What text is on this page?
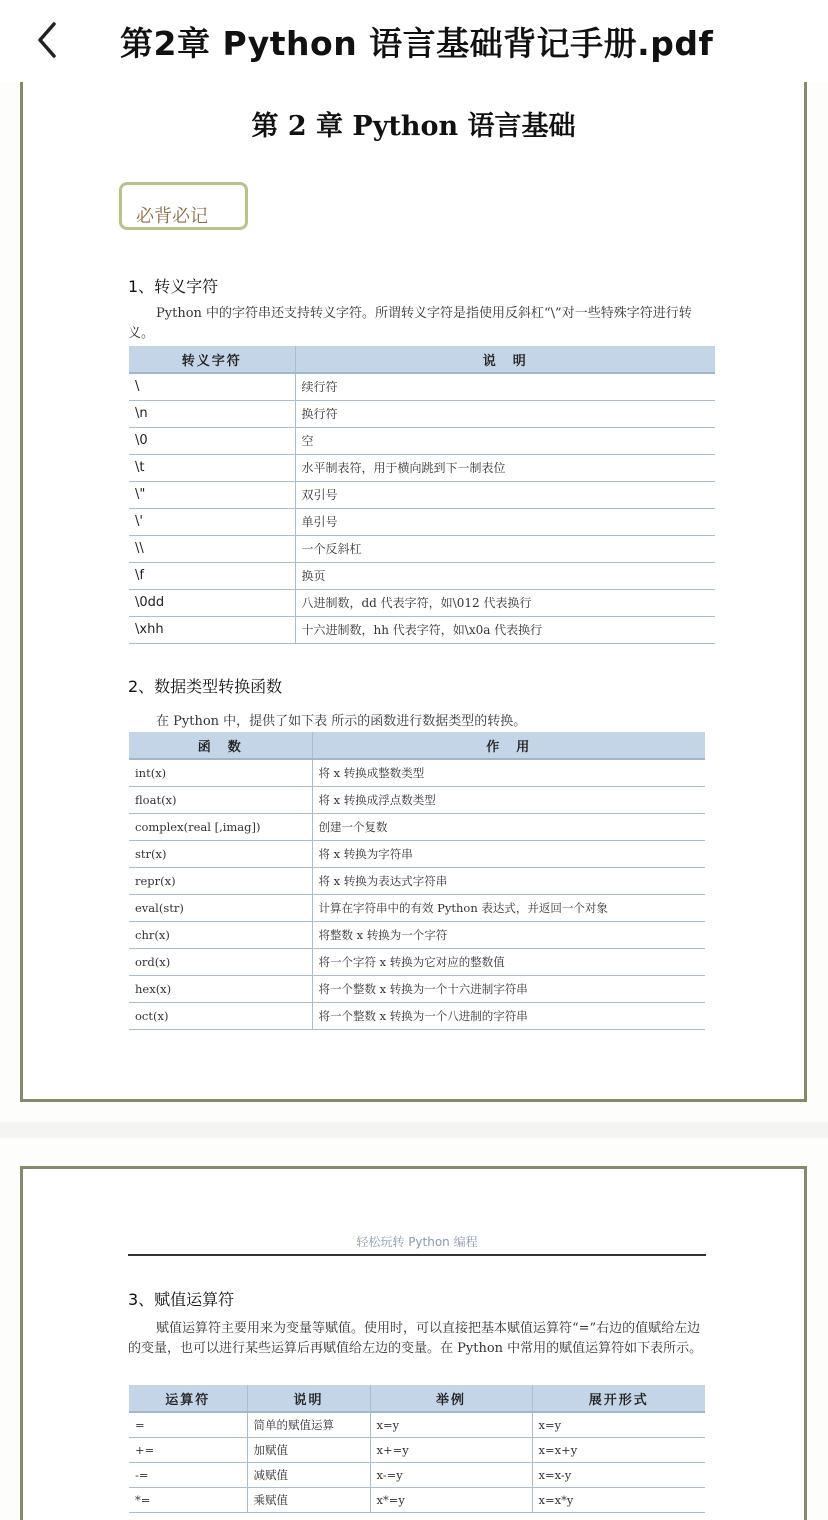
第2章 Python 语言基础背记手册.pdf
第 2 章 Python 语言基础
必背必记
1、转义字符
Python 中的字符串还支持转义字符。所谓转义字符是指使用反斜杠“\”对一些特殊字符进行转义。
转义字符	说　明
\	续行符
\n	换行符
\0	空
\t	水平制表符，用于横向跳到下一制表位
\"	双引号
\'	单引号
\\	一个反斜杠
\f	换页
\0dd	八进制数，dd 代表字符，如\012 代表换行
\xhh	十六进制数，hh 代表字符，如\x0a 代表换行
2、数据类型转换函数
在 Python 中，提供了如下表 所示的函数进行数据类型的转换。
函　数	作　用
int(x)	将 x 转换成整数类型
float(x)	将 x 转换成浮点数类型
complex(real [,imag])	创建一个复数
str(x)	将 x 转换为字符串
repr(x)	将 x 转换为表达式字符串
eval(str)	计算在字符串中的有效 Python 表达式，并返回一个对象
chr(x)	将整数 x 转换为一个字符
ord(x)	将一个字符 x 转换为它对应的整数值
hex(x)	将一个整数 x 转换为一个十六进制字符串
oct(x)	将一个整数 x 转换为一个八进制的字符串
轻松玩转 Python 编程
3、赋值运算符
赋值运算符主要用来为变量等赋值。使用时，可以直接把基本赋值运算符“=”右边的值赋给左边的变量，也可以进行某些运算后再赋值给左边的变量。在 Python 中常用的赋值运算符如下表所示。
运算符	说明	举例	展开形式
=	简单的赋值运算	x=y	x=y
+=	加赋值	x+=y	x=x+y
-=	减赋值	x-=y	x=x-y
*=	乘赋值	x*=y	x=x*y
